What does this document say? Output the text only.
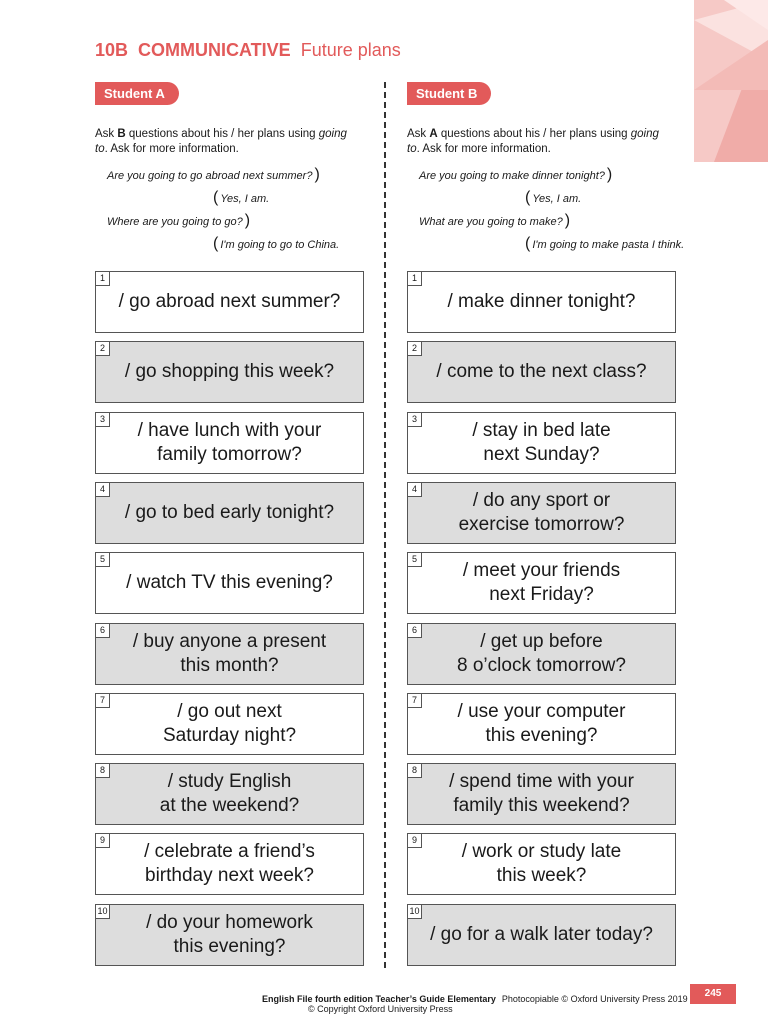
10B COMMUNICATIVE Future plans
Student A
Ask B questions about his / her plans using going to. Ask for more information.
Are you going to go abroad next summer? )
( Yes, I am.
Where are you going to go? )
( I'm going to go to China.
Student B
Ask A questions about his / her plans using going to. Ask for more information.
Are you going to make dinner tonight? )
( Yes, I am.
What are you going to make? )
( I'm going to make pasta I think.
1
/ go abroad next summer?
2
/ go shopping this week?
3
/ have lunch with your
family tomorrow?
4
/ go to bed early tonight?
5
/ watch TV this evening?
6
/ buy anyone a present
this month?
7
/ go out next
Saturday night?
8
/ study English
at the weekend?
9
/ celebrate a friend’s
birthday next week?
10
/ do your homework
this evening?
1
/ make dinner tonight?
2
/ come to the next class?
3
/ stay in bed late
next Sunday?
4
/ do any sport or
exercise tomorrow?
5
/ meet your friends
next Friday?
6
/ get up before
8 o’clock tomorrow?
7
/ use your computer
this evening?
8
/ spend time with your
family this weekend?
9
/ work or study late
this week?
10
/ go for a walk later today?
English File fourth edition Teacher’s Guide Elementary Photocopiable © Oxford University Press 2019
© Copyright Oxford University Press
245
